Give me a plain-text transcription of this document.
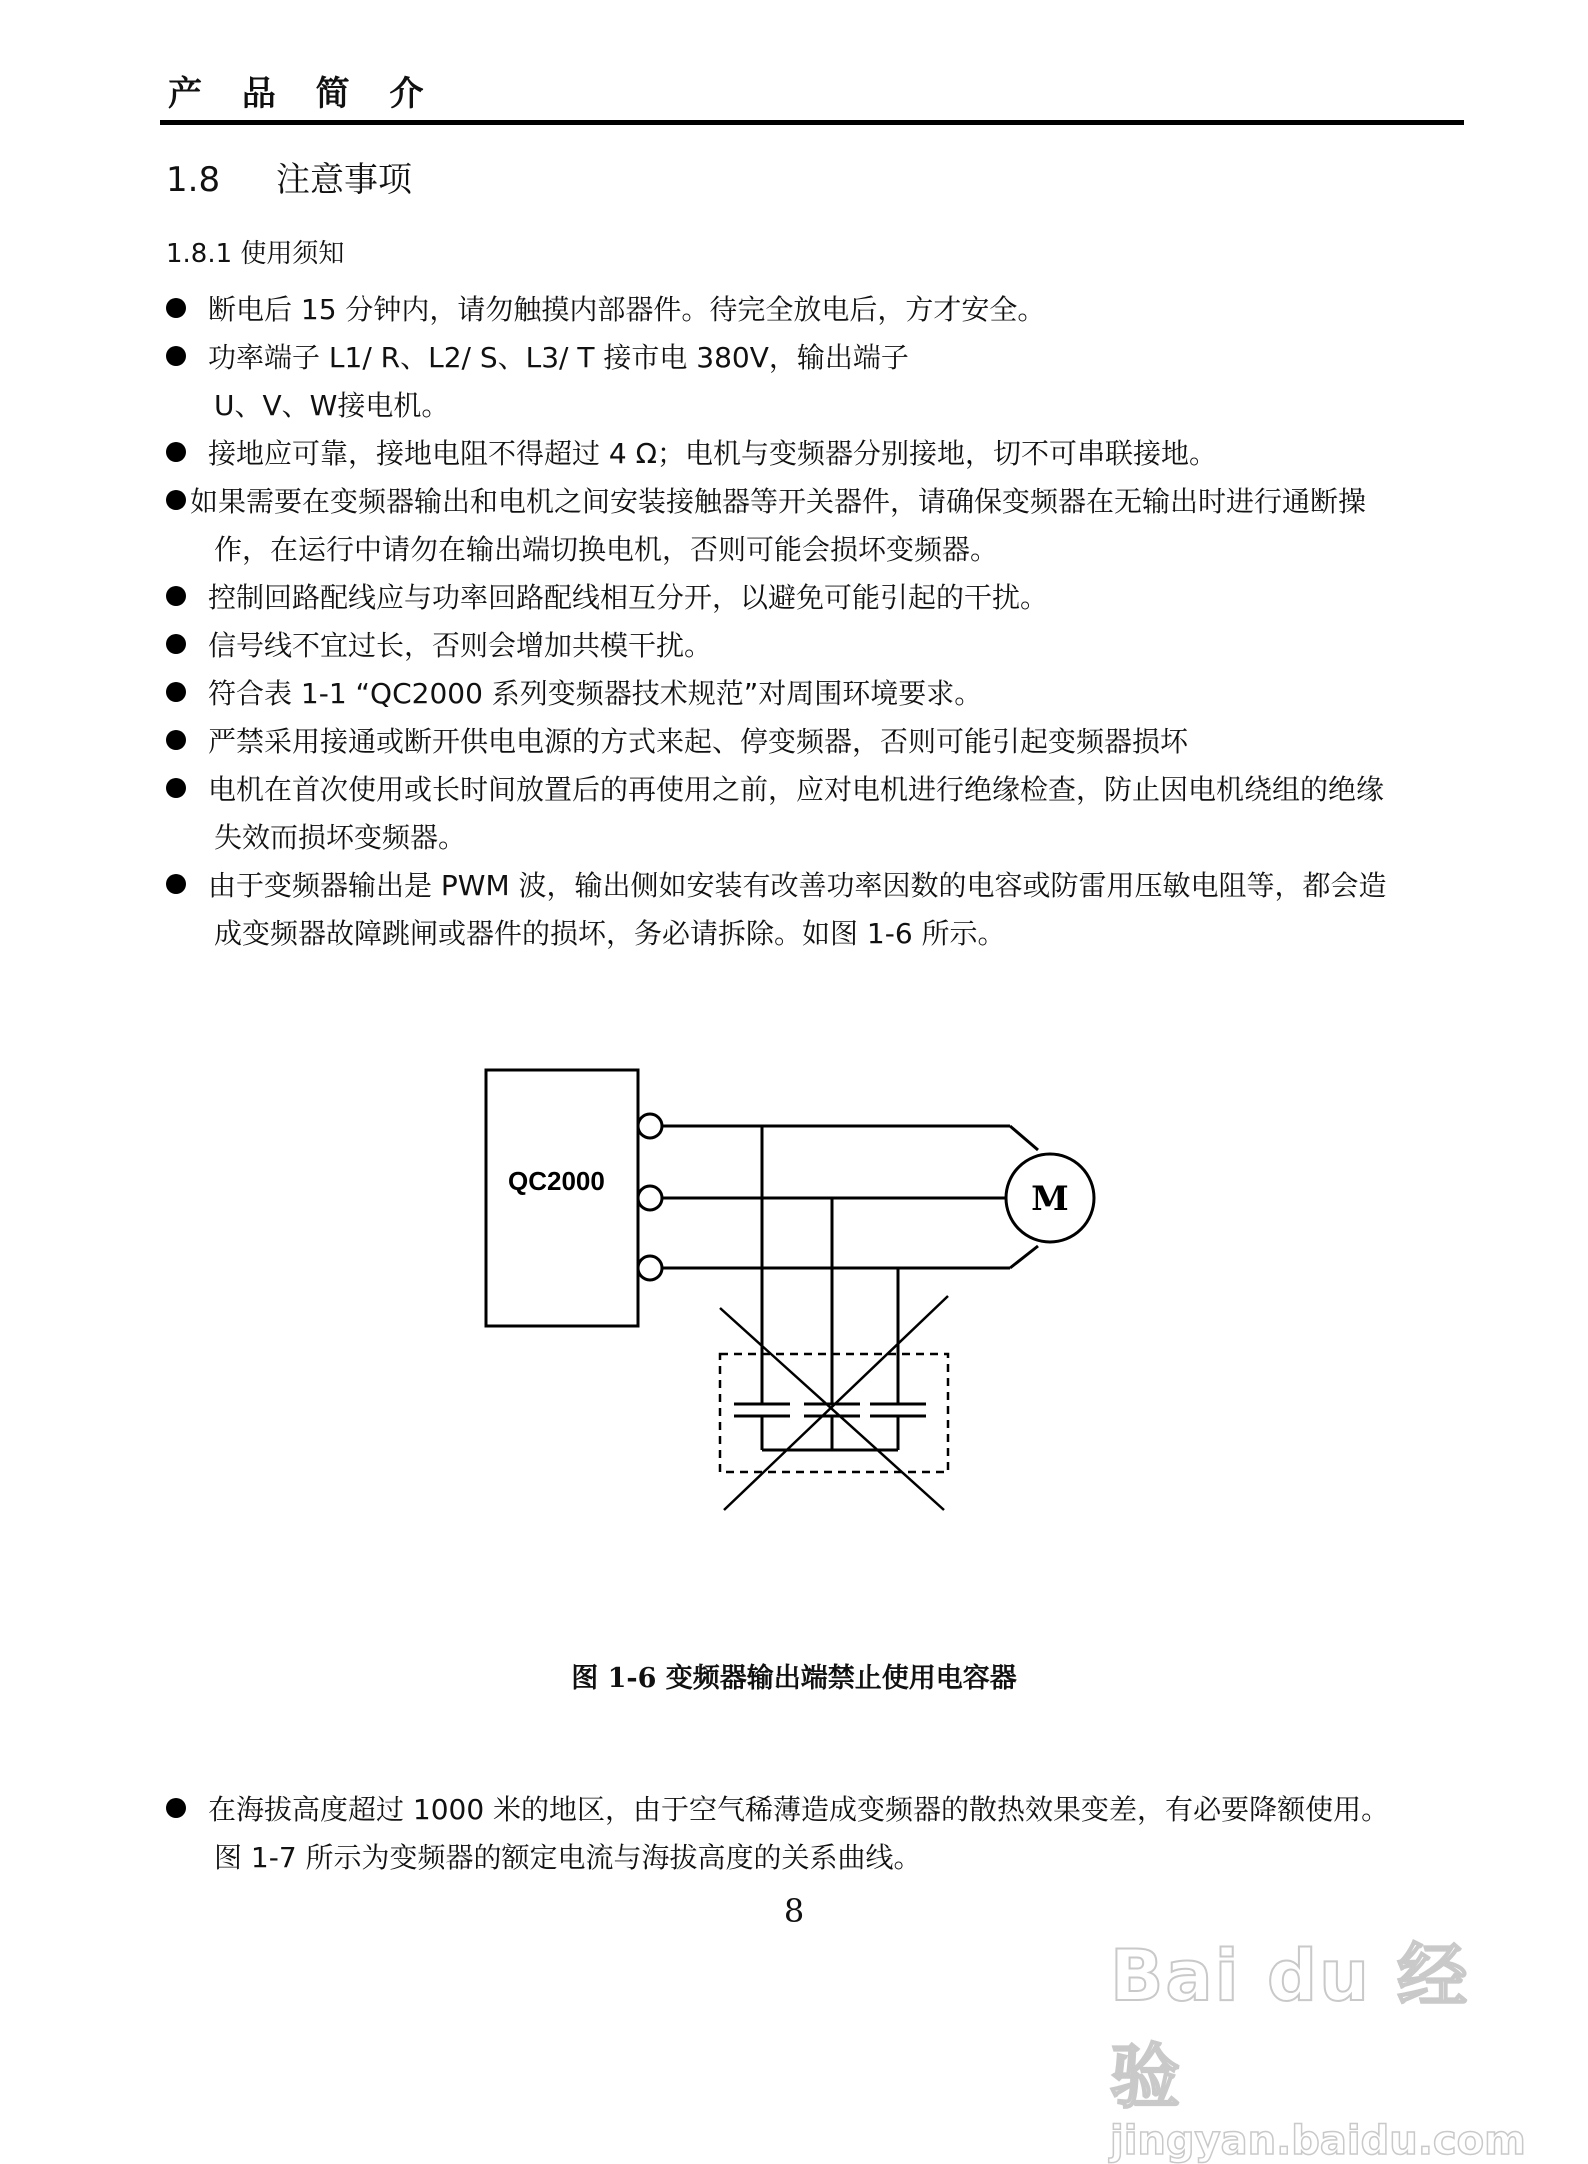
产 品 简 介
1.8 注意事项
1.8.1 使用须知
断电后 15 分钟内，请勿触摸内部器件。待完全放电后，方才安全。
功率端子 L1/ R、L2/ S、L3/ T 接市电 380V，输出端子
U、V、W接电机。
接地应可靠，接地电阻不得超过 4 Ω；电机与变频器分别接地，切不可串联接地。
如果需要在变频器输出和电机之间安装接触器等开关器件，请确保变频器在无输出时进行通断操
作，在运行中请勿在输出端切换电机，否则可能会损坏变频器。
控制回路配线应与功率回路配线相互分开，以避免可能引起的干扰。
信号线不宜过长，否则会增加共模干扰。
符合表 1-1 “QC2000 系列变频器技术规范”对周围环境要求。
严禁采用接通或断开供电电源的方式来起、停变频器，否则可能引起变频器损坏
电机在首次使用或长时间放置后的再使用之前，应对电机进行绝缘检查，防止因电机绕组的绝缘
失效而损坏变频器。
由于变频器输出是 PWM 波，输出侧如安装有改善功率因数的电容或防雷用压敏电阻等，都会造
成变频器故障跳闸或器件的损坏，务必请拆除。如图 1-6 所示。
QC2000	M
图 1-6 变频器输出端禁止使用电容器
在海拔高度超过 1000 米的地区，由于空气稀薄造成变频器的散热效果变差，有必要降额使用。
图 1-7 所示为变频器的额定电流与海拔高度的关系曲线。
8
Bai du 经验
jingyan.baidu.com
